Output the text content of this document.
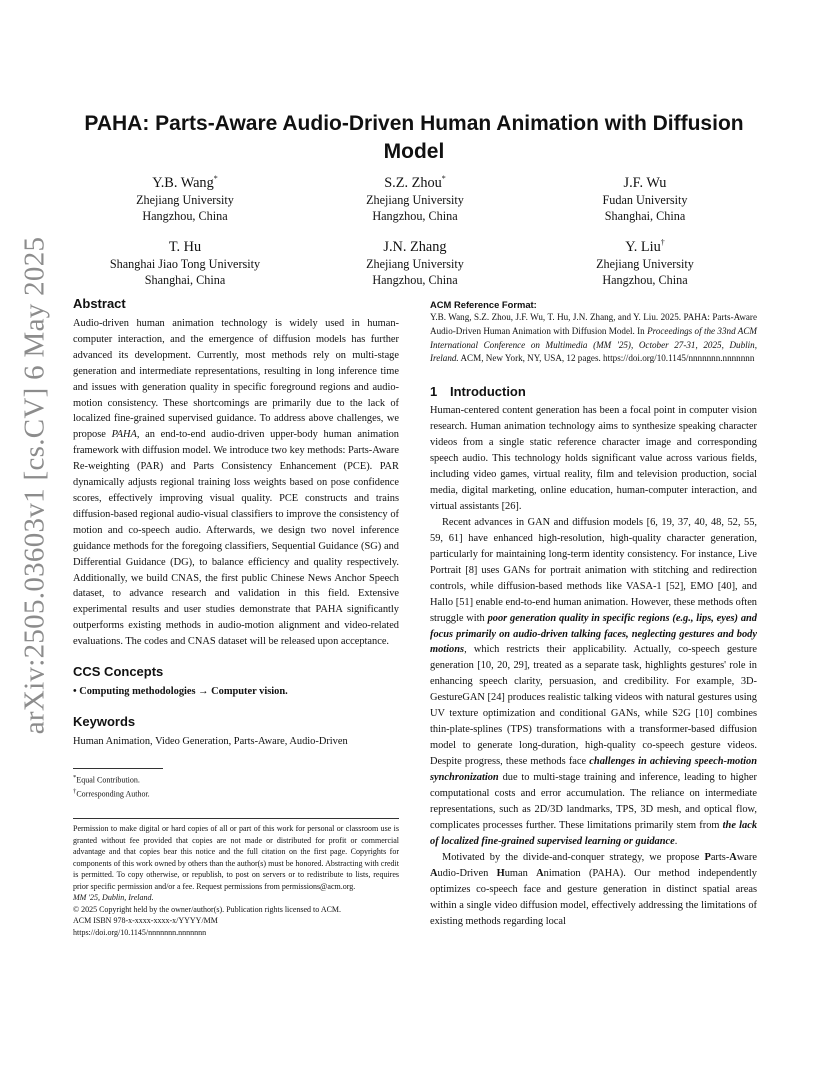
arXiv:2505.03603v1 [cs.CV] 6 May 2025
PAHA: Parts-Aware Audio-Driven Human Animation with Diffusion Model
Y.B. Wang*
Zhejiang University
Hangzhou, China
S.Z. Zhou*
Zhejiang University
Hangzhou, China
J.F. Wu
Fudan University
Shanghai, China
T. Hu
Shanghai Jiao Tong University
Shanghai, China
J.N. Zhang
Zhejiang University
Hangzhou, China
Y. Liu†
Zhejiang University
Hangzhou, China
Abstract

Audio-driven human animation technology is widely used in human-computer interaction, and the emergence of diffusion models has further advanced its development. Currently, most methods rely on multi-stage generation and intermediate representations, resulting in long inference time and issues with generation quality in specific foreground regions and audio-motion consistency. These shortcomings are primarily due to the lack of localized fine-grained supervised guidance. To address above challenges, we propose PAHA, an end-to-end audio-driven upper-body human animation framework with diffusion model. We introduce two key methods: Parts-Aware Re-weighting (PAR) and Parts Consistency Enhancement (PCE). PAR dynamically adjusts regional training loss weights based on pose confidence scores, effectively improving visual quality. PCE constructs and trains diffusion-based regional audio-visual classifiers to improve the consistency of motion and co-speech audio. Afterwards, we design two novel inference guidance methods for the foregoing classifiers, Sequential Guidance (SG) and Differential Guidance (DG), to balance efficiency and quality respectively. Additionally, we build CNAS, the first public Chinese News Anchor Speech dataset, to advance research and validation in this field. Extensive experimental results and user studies demonstrate that PAHA significantly outperforms existing methods in audio-motion alignment and video-related evaluations. The codes and CNAS dataset will be released upon acceptance.

CCS Concepts

• Computing methodologies → Computer vision.

Keywords

Human Animation, Video Generation, Parts-Aware, Audio-Driven

*Equal Contribution.

†Corresponding Author.

Permission to make digital or hard copies of all or part of this work for personal or classroom use is granted without fee provided that copies are not made or distributed for profit or commercial advantage and that copies bear this notice and the full citation on the first page. Copyrights for components of this work owned by others than the author(s) must be honored. Abstracting with credit is permitted. To copy otherwise, or republish, to post on servers or to redistribute to lists, requires prior specific permission and/or a fee. Request permissions from permissions@acm.org.

MM '25, Dublin, Ireland.

© 2025 Copyright held by the owner/author(s). Publication rights licensed to ACM.

ACM ISBN 978-x-xxxx-xxxx-x/YYYY/MM

https://doi.org/10.1145/nnnnnnn.nnnnnnn

ACM Reference Format:

Y.B. Wang, S.Z. Zhou, J.F. Wu, T. Hu, J.N. Zhang, and Y. Liu. 2025. PAHA: Parts-Aware Audio-Driven Human Animation with Diffusion Model. In Proceedings of the 33nd ACM International Conference on Multimedia (MM '25), October 27-31, 2025, Dublin, Ireland. ACM, New York, NY, USA, 12 pages. https://doi.org/10.1145/nnnnnnn.nnnnnnn

1 Introduction

Human-centered content generation has been a focal point in computer vision research. Human animation technology aims to synthesize speaking character videos from a single static reference character image and corresponding speech audio. This technology holds significant value across various fields, including video games, virtual reality, film and television production, social media, digital marketing, online education, human-computer interaction, and virtual assistants [26].

Recent advances in GAN and diffusion models [6, 19, 37, 40, 48, 52, 55, 59, 61] have enhanced high-resolution, high-quality character generation, particularly for maintaining long-term identity consistency. For instance, Live Portrait [8] uses GANs for portrait animation with stitching and redirection controls, while diffusion-based methods like VASA-1 [52], EMO [40], and Hallo [51] enable end-to-end human animation. However, these methods often struggle with poor generation quality in specific regions (e.g., lips, eyes) and focus primarily on audio-driven talking faces, neglecting gestures and body motions, which restricts their applicability. Actually, co-speech gesture generation [10, 20, 29], treated as a separate task, highlights gestures' role in enhancing speech clarity, persuasion, and credibility. For example, 3D-GestureGAN [24] produces realistic talking videos with natural gestures using UV texture optimization and conditional GANs, while S2G [10] combines thin-plate-splines (TPS) transformations with a transformer-based diffusion model to generate long-duration, high-quality co-speech gesture videos. Despite progress, these methods face challenges in achieving speech-motion synchronization due to multi-stage training and inference, leading to higher computational costs and error accumulation. The reliance on intermediate representations, such as 2D/3D landmarks, TPS, 3D mesh, and optical flow, complicates processes further. These limitations primarily stem from the lack of localized fine-grained supervised learning or guidance.

Motivated by the divide-and-conquer strategy, we propose Parts-Aware Audio-Driven Human Animation (PAHA). Our method independently optimizes co-speech face and gesture generation in distinct spatial areas within a single video diffusion model, effectively addressing the limitations of existing methods regarding local
